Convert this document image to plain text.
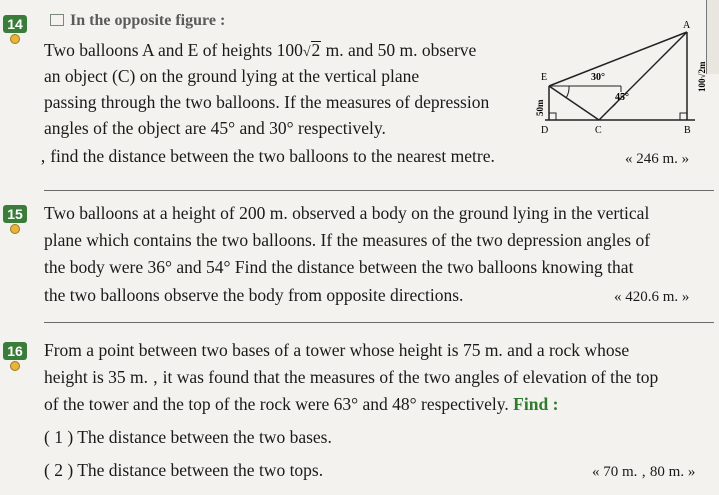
14	In the opposite figure :
Two balloons A and E of heights 100√2 m. and 50 m. observe
an object (C) on the ground lying at the vertical plane
passing through the two balloons. If the measures of depression
angles of the object are 45° and 30° respectively.
‚ find the distance between the two balloons to the nearest metre.	« 246 m. »
A
E
D	C	B
30°
45°
50m
100√2m
15 Two balloons at a height of 200 m. observed a body on the ground lying in the vertical
plane which contains the two balloons. If the measures of the two depression angles of
the body were 36° and 54° Find the distance between the two balloons knowing that
the two balloons observe the body from opposite directions.	« 420.6 m. »
16 From a point between two bases of a tower whose height is 75 m. and a rock whose
height is 35 m. ‚ it was found that the measures of the two angles of elevation of the top
of the tower and the top of the rock were 63° and 48° respectively. Find :
( 1 ) The distance between the two bases.
( 2 ) The distance between the two tops.	« 70 m. ‚ 80 m. »
